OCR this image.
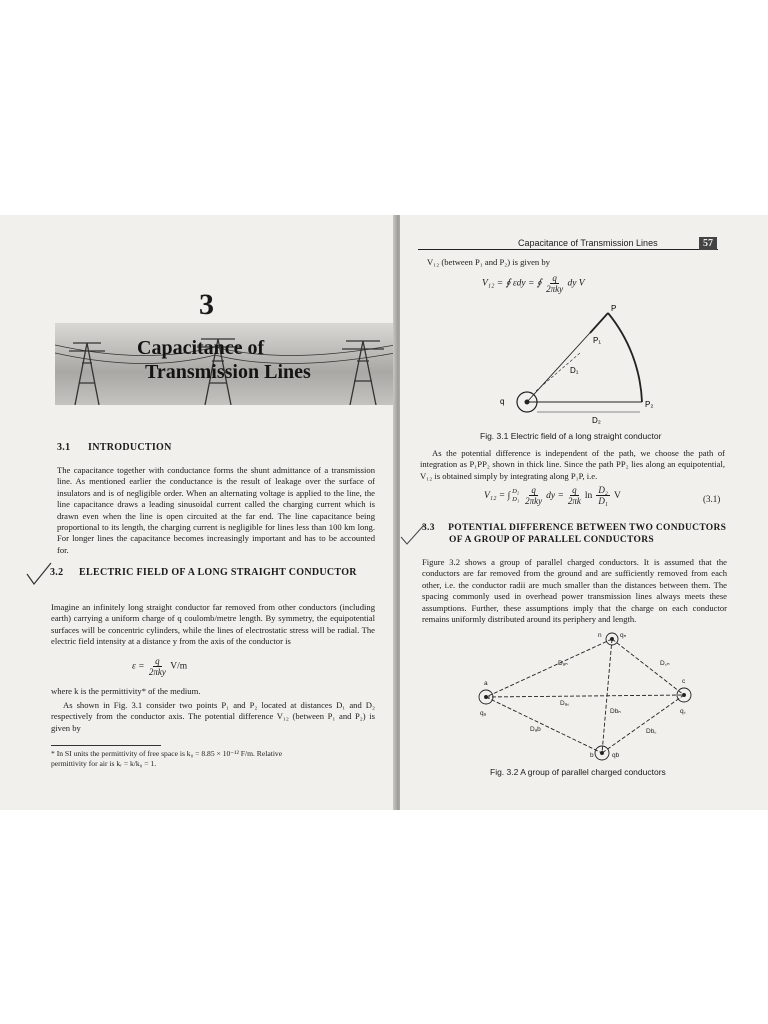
3
Capacitance of
Transmission Lines
3.1 INTRODUCTION
The capacitance together with conductance forms the shunt admittance of a transmission line. As mentioned earlier the conductance is the result of leakage over the surface of insulators and is of negligible order. When an alternating voltage is applied to the line, the line capacitance draws a leading sinusoidal current called the charging current which is drawn even when the line is open circuited at the far end. The line capacitance being proportional to its length, the charging current is negligible for lines less than 100 km long. For longer lines the capacitance becomes increasingly important and has to be accounted for.
3.2 ELECTRIC FIELD OF A LONG STRAIGHT CONDUCTOR
Imagine an infinitely long straight conductor far removed from other conductors (including earth) carrying a uniform charge of q coulomb/metre length. By symmetry, the equipotential surfaces will be concentric cylinders, while the lines of electrostatic stress will be radial. The electric field intensity at a distance y from the axis of the conductor is
$\varepsilon = \frac{q}{\text{2πky}} V/m$
where k is the permittivity* of the medium.
As shown in Fig. 3.1 consider two points P₁ and P₂ located at distances D₁ and D₂ respectively from the conductor axis. The potential difference V₁₂ (between P₁ and P₂) is given by
* In SI units the permittivity of free space is k₀ = 8.85 × 10⁻¹² F/m. Relative
permittivity for air is kᵣ = k/k₀ = 1.
Capacitance of Transmission Lines	57
V₁₂ (between P₁ and P₂) is given by
V₁₂ = ∮ εdy = ∮ $\frac{q}{\text{2πky}}$ dy V
P
P₁
D₁
q
D₂
P₂
Fig. 3.1 Electric field of a long straight conductor
As the potential difference is independent of the path, we choose the path of integration as P₁PP₂ shown in thick line. Since the path PP₂ lies along an equipotential, V₁₂ is obtained simply by integrating along P₁P, i.e.
V₁₂ = ∫ D₂
$D_1 \frac{q}{\text{2πky}}$ dy = $\frac{q}{2\pi k}$ $\ln \frac{\text{D₂}}{\text{D₁}}$ V	(3.1)
3.3 POTENTIAL DIFFERENCE BETWEEN TWO CONDUCTORS
OF A GROUP OF PARALLEL CONDUCTORS
Figure 3.2 shows a group of parallel charged conductors. It is assumed that the conductors are far removed from the ground and are sufficiently removed from each other, i.e. the conductor radii are much smaller than the distances between them. The spacing commonly used in overhead power transmission lines always meets these assumptions. Further, these assumptions imply that the charge on each conductor remains uniformly distributed around its periphery and length.
n	qₙ
Dₐₙ	D꜀ₙ
a
qₐ
Dₐ꜀
Dbₙ
c
q꜀
Dₐb	Db꜀
b	qb
Fig. 3.2 A group of parallel charged conductors
